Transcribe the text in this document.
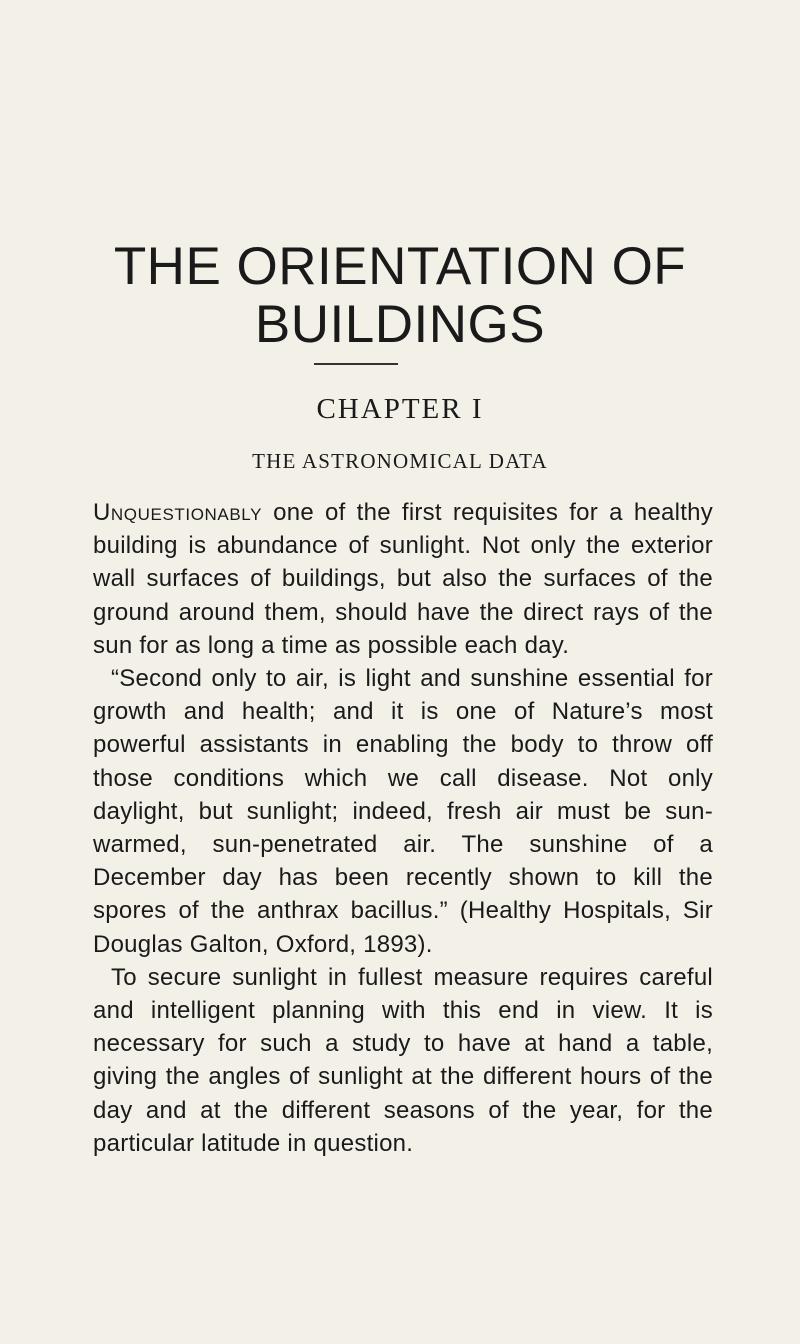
THE ORIENTATION OF
BUILDINGS
CHAPTER I
THE ASTRONOMICAL DATA

Unquestionably one of the first requisites for a healthy building is abundance of sunlight. Not only the exterior wall surfaces of buildings, but also the surfaces of the ground around them, should have the direct rays of the sun for as long a time as possible each day.

“Second only to air, is light and sunshine essential for growth and health; and it is one of Nature’s most powerful assistants in enabling the body to throw off those conditions which we call disease. Not only daylight, but sunlight; indeed, fresh air must be sun-warmed, sun-penetrated air. The sunshine of a December day has been recently shown to kill the spores of the anthrax bacillus.” (Healthy Hospitals, Sir Douglas Galton, Oxford, 1893).

To secure sunlight in fullest measure requires careful and intelligent planning with this end in view. It is necessary for such a study to have at hand a table, giving the angles of sunlight at the different hours of the day and at the different seasons of the year, for the particular latitude in question.
